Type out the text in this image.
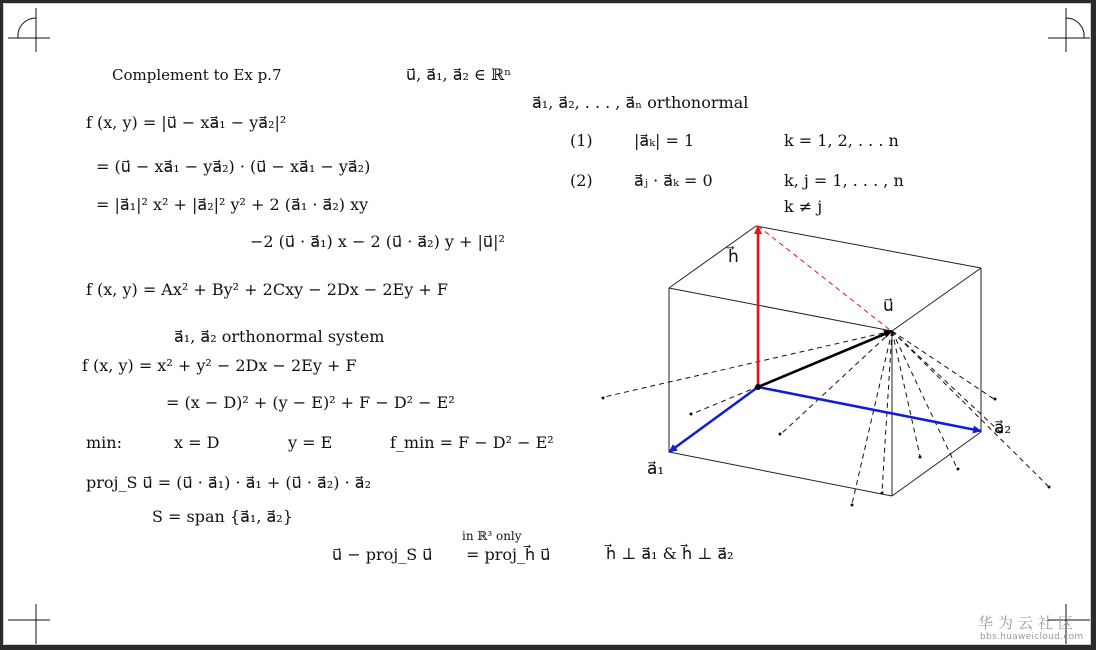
h⃗
u⃗
a⃗₁
a⃗₂
Complement to Ex p.7	u⃗, a⃗₁, a⃗₂ ∈ ℝⁿ
f (x, y) = |u⃗ − xa⃗₁ − ya⃗₂|²
= (u⃗ − xa⃗₁ − ya⃗₂) · (u⃗ − xa⃗₁ − ya⃗₂)
= |a⃗₁|² x² + |a⃗₂|² y² + 2 (a⃗₁ · a⃗₂) xy
−2 (u⃗ · a⃗₁) x − 2 (u⃗ · a⃗₂) y + |u⃗|²
f (x, y) = Ax² + By² + 2Cxy − 2Dx − 2Ey + F
a⃗₁, a⃗₂ orthonormal system
f (x, y) = x² + y² − 2Dx − 2Ey + F
= (x − D)² + (y − E)² + F − D² − E²
min:	x = D	y = E	f_min = F − D² − E²
proj_S u⃗ = (u⃗ · a⃗₁) · a⃗₁ + (u⃗ · a⃗₂) · a⃗₂
S = span {a⃗₁, a⃗₂}
in ℝ³ only
u⃗ − proj_S u⃗ = proj_h⃗ u⃗	h⃗ ⊥ a⃗₁ & h⃗ ⊥ a⃗₂
a⃗₁, a⃗₂, . . . , a⃗ₙ orthonormal
(1)	|a⃗ₖ| = 1	k = 1, 2, . . . n
(2)	a⃗ⱼ · a⃗ₖ = 0	k, j = 1, . . . , n
k ≠ j
华为云社区
bbs.huaweicloud.com
